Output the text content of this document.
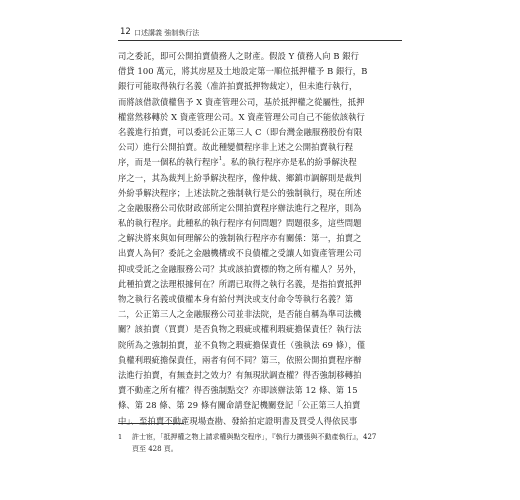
12 口述講義 強制執行法
司之委託，即可公開拍賣債務人之財產。假設 Y 債務人向 B 銀行
借貸 100 萬元，將其房屋及土地設定第一順位抵押權予 B 銀行，B
銀行可能取得執行名義（准許拍賣抵押物裁定），但未進行執行，
而將該借款債權售予 X 資產管理公司，基於抵押權之從屬性，抵押
權當然移轉於 X 資產管理公司。X 資產管理公司自己不能依該執行
名義進行拍賣，可以委託公正第三人 C（即台灣金融服務股份有限
公司）進行公開拍賣。故此種變價程序非上述之公開拍賣執行程
序，而是一個私的執行程序$^1$。私的執行程序亦是私的紛爭解決程
序之一，其為裁判上紛爭解決程序，像仲裁、鄉鎮市調解則是裁判
外紛爭解決程序；上述法院之強制執行是公的強制執行，現在所述
之金融服務公司依財政部所定公開拍賣程序辦法進行之程序，則為
私的執行程序。此種私的執行程序有何問題？問題很多，這些問題
之解決將來與如何理解公的強制執行程序亦有關係：第一，拍賣之
出賣人為何？委託之金融機構或不良債權之受讓人如資產管理公司
抑或受託之金融服務公司？其或該拍賣標的物之所有權人？另外，
此種拍賣之法理根據何在？所謂已取得之執行名義，是指拍賣抵押
物之執行名義或債權本身有給付判決或支付命令等執行名義？第
二，公正第三人之金融服務公司並非法院，是否能自稱為準司法機
關？該拍賣（買賣）是否負物之瑕疵或權利瑕疵擔保責任？執行法
院所為之強制拍賣，並不負物之瑕疵擔保責任（強執法 69 條），僅
負權利瑕疵擔保責任，兩者有何不同？第三，依照公開拍賣程序辦
法進行拍賣，有無查封之效力？有無現狀調查權？得否強制移轉拍
賣不動產之所有權？得否強制點交？亦即該辦法第 12 條、第 15
條、第 28 條、第 29 條有關命請登記機關登記「公正第三人拍賣
中」、至拍賣不動產現場查勘、發給拍定證明書及買受人得依民事
1 許士宦，「抵押權之物上請求權與點交程序」，『執行力擴張與不動產執行』，427
頁至 428 頁。
